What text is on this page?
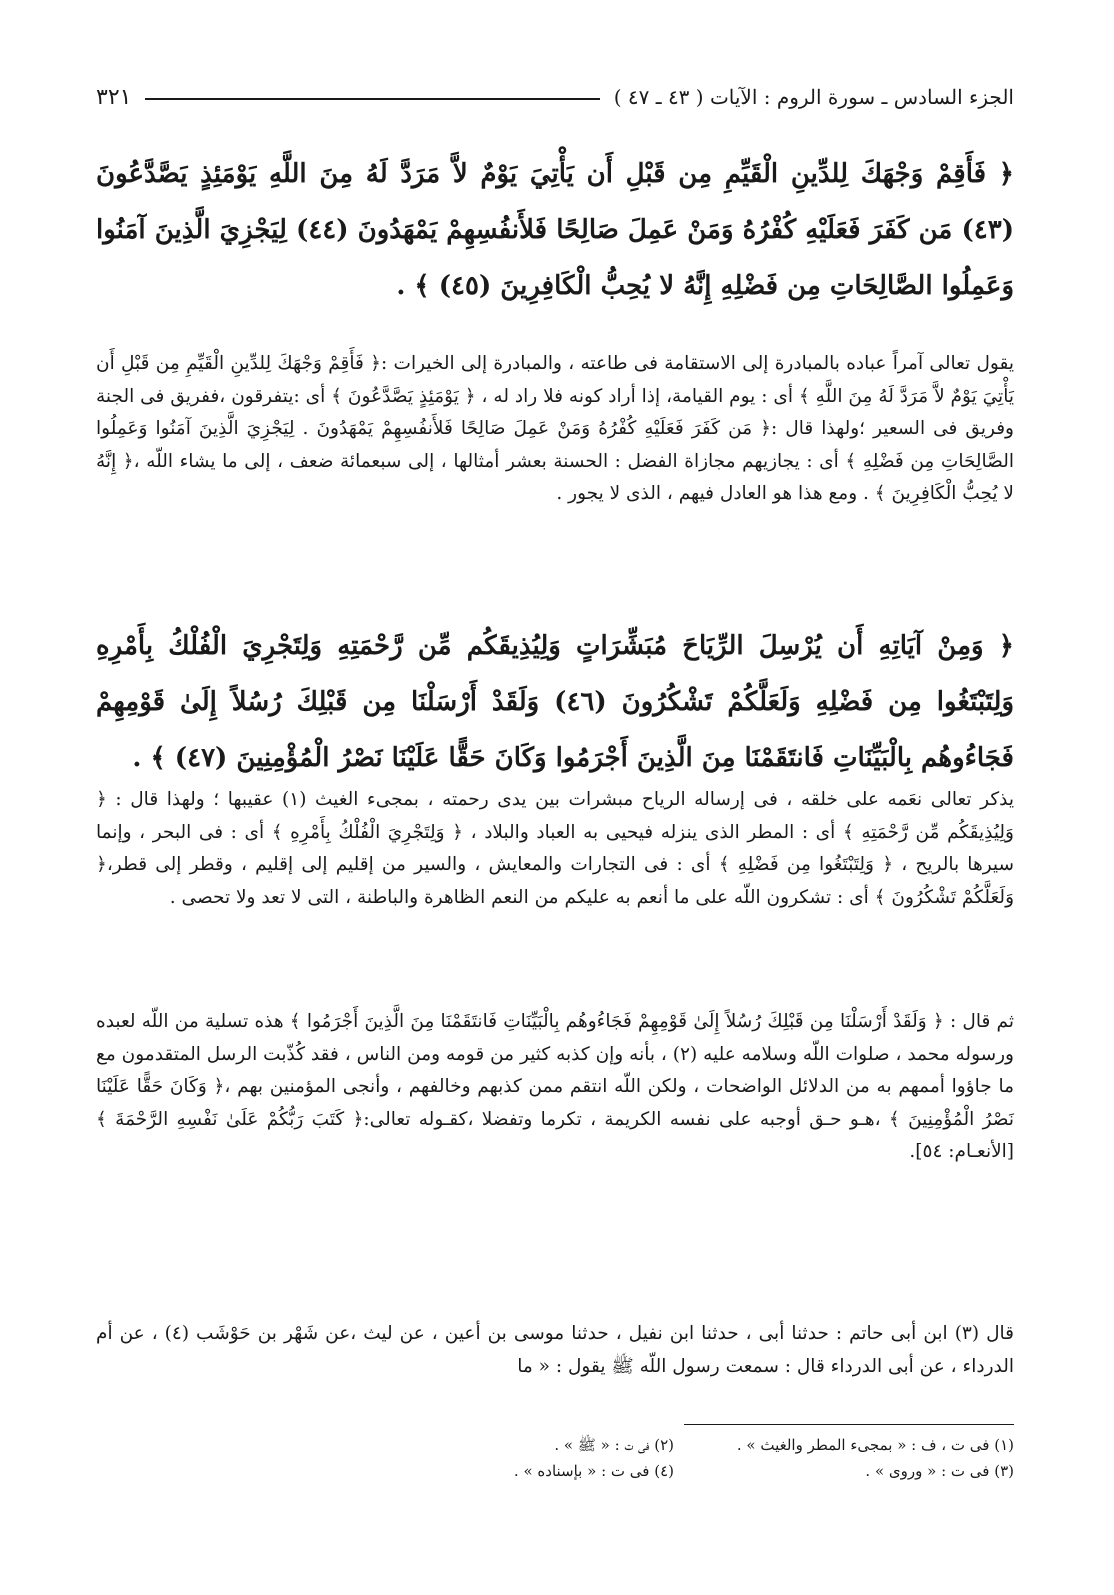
الجزء السادس ـ سورة الروم : الآيات ( ٤٣ ـ ٤٧ )
٣٢١

﴿ فَأَقِمْ وَجْهَكَ لِلدِّينِ الْقَيِّمِ مِن قَبْلِ أَن يَأْتِيَ يَوْمٌ لاَّ مَرَدَّ لَهُ مِنَ اللَّهِ يَوْمَئِذٍ يَصَّدَّعُونَ (٤٣) مَن كَفَرَ فَعَلَيْهِ كُفْرُهُ وَمَنْ عَمِلَ صَالِحًا فَلأَنفُسِهِمْ يَمْهَدُونَ (٤٤) لِيَجْزِيَ الَّذِينَ آمَنُوا وَعَمِلُوا الصَّالِحَاتِ مِن فَضْلِهِ إِنَّهُ لا يُحِبُّ الْكَافِرِينَ (٤٥) ﴾ .

يقول تعالى آمراً عباده بالمبادرة إلى الاستقامة فى طاعته ، والمبادرة إلى الخيرات :﴿ فَأَقِمْ وَجْهَكَ لِلدِّينِ الْقَيِّمِ مِن قَبْلِ أَن يَأْتِيَ يَوْمٌ لاَّ مَرَدَّ لَهُ مِنَ اللَّهِ ﴾ أى : يوم القيامة، إذا أراد كونه فلا راد له ، ﴿ يَوْمَئِذٍ يَصَّدَّعُونَ ﴾ أى :يتفرقون ،ففريق فى الجنة وفريق فى السعير ؛ولهذا قال :﴿ مَن كَفَرَ فَعَلَيْهِ كُفْرُهُ وَمَنْ عَمِلَ صَالِحًا فَلأَنفُسِهِمْ يَمْهَدُونَ . لِيَجْزِيَ الَّذِينَ آمَنُوا وَعَمِلُوا الصَّالِحَاتِ مِن فَضْلِهِ ﴾ أى : يجازيهم مجازاة الفضل : الحسنة بعشر أمثالها ، إلى سبعمائة ضعف ، إلى ما يشاء اللّه ،﴿ إِنَّهُ لا يُحِبُّ الْكَافِرِينَ ﴾ . ومع هذا هو العادل فيهم ، الذى لا يجور .

﴿ وَمِنْ آيَاتِهِ أَن يُرْسِلَ الرِّيَاحَ مُبَشِّرَاتٍ وَلِيُذِيقَكُم مِّن رَّحْمَتِهِ وَلِتَجْرِيَ الْفُلْكُ بِأَمْرِهِ وَلِتَبْتَغُوا مِن فَضْلِهِ وَلَعَلَّكُمْ تَشْكُرُونَ (٤٦) وَلَقَدْ أَرْسَلْنَا مِن قَبْلِكَ رُسُلاً إِلَىٰ قَوْمِهِمْ فَجَاءُوهُم بِالْبَيِّنَاتِ فَانتَقَمْنَا مِنَ الَّذِينَ أَجْرَمُوا وَكَانَ حَقًّا عَلَيْنَا نَصْرُ الْمُؤْمِنِينَ (٤٧) ﴾ .

يذكر تعالى نعَمه على خلقه ، فى إرساله الرياح مبشرات بين يدى رحمته ، بمجىء الغيث (١) عقيبها ؛ ولهذا قال : ﴿ وَلِيُذِيقَكُم مِّن رَّحْمَتِهِ ﴾ أى : المطر الذى ينزله فيحيى به العباد والبلاد ، ﴿ وَلِتَجْرِيَ الْفُلْكُ بِأَمْرِهِ ﴾ أى : فى البحر ، وإنما سيرها بالريح ، ﴿ وَلِتَبْتَغُوا مِن فَضْلِهِ ﴾ أى : فى التجارات والمعايش ، والسير من إقليم إلى إقليم ، وقطر إلى قطر،﴿ وَلَعَلَّكُمْ تَشْكُرُونَ ﴾ أى : تشكرون اللّه على ما أنعم به عليكم من النعم الظاهرة والباطنة ، التى لا تعد ولا تحصى .

ثم قال : ﴿ وَلَقَدْ أَرْسَلْنَا مِن قَبْلِكَ رُسُلاً إِلَىٰ قَوْمِهِمْ فَجَاءُوهُم بِالْبَيِّنَاتِ فَانتَقَمْنَا مِنَ الَّذِينَ أَجْرَمُوا ﴾ هذه تسلية من اللّه لعبده ورسوله محمد ، صلوات اللّه وسلامه عليه (٢) ، بأنه وإن كذبه كثير من قومه ومن الناس ، فقد كُذّبت الرسل المتقدمون مع ما جاؤوا أممهم به من الدلائل الواضحات ، ولكن اللّه انتقم ممن كذبهم وخالفهم ، وأنجى المؤمنين بهم ،﴿ وَكَانَ حَقًّا عَلَيْنَا نَصْرُ الْمُؤْمِنِينَ ﴾ ،هـو حـق أوجبه على نفسه الكريمة ، تكرما وتفضلا ،كقـوله تعالى:﴿ كَتَبَ رَبُّكُمْ عَلَىٰ نَفْسِهِ الرَّحْمَةَ ﴾ [الأنعـام: ٥٤].

قال (٣) ابن أبى حاتم : حدثنا أبى ، حدثنا ابن نفيل ، حدثنا موسى بن أعين ، عن ليث ،عن شَهْر بن حَوْشَب (٤) ، عن أم الدرداء ، عن أبى الدرداء قال : سمعت رسول اللّه ﷺ يقول : « ما

(١) فى ت ، ف : « بمجىء المطر والغيث » .
(٢) فى ت : « ﷺ » .
(٣) فى ت : « وروى » .
(٤) فى ت : « بإسناده » .
